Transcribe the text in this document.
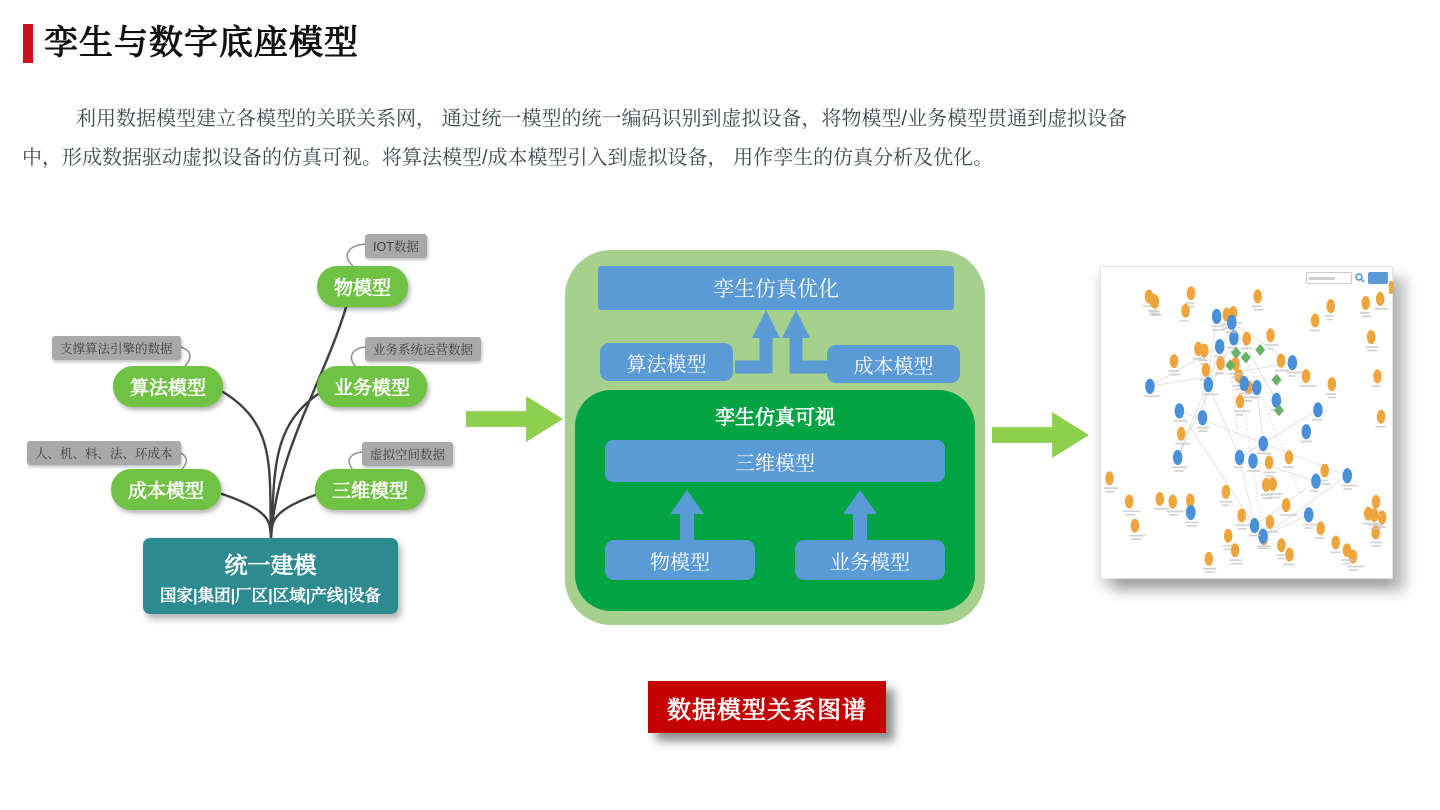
孪生与数字底座模型

利用数据模型建立各模型的关联关系网， 通过统一模型的统一编码识别到虚拟设备，将物模型/业务模型贯通到虚拟设备

中，形成数据驱动虚拟设备的仿真可视。将算法模型/成本模型引入到虚拟设备， 用作孪生的仿真分析及优化。

IOT数据
支撑算法引擎的数据	业务系统运营数据
人、机、料、法、环成本	虚拟空间数据
物模型
算法模型	业务模型
成本模型	三维模型
统一建模
国家|集团|厂区|区域|产线|设备
孪生仿真优化
算法模型	成本模型
孪生仿真可视
三维模型
物模型	业务模型
数据模型关系图谱
